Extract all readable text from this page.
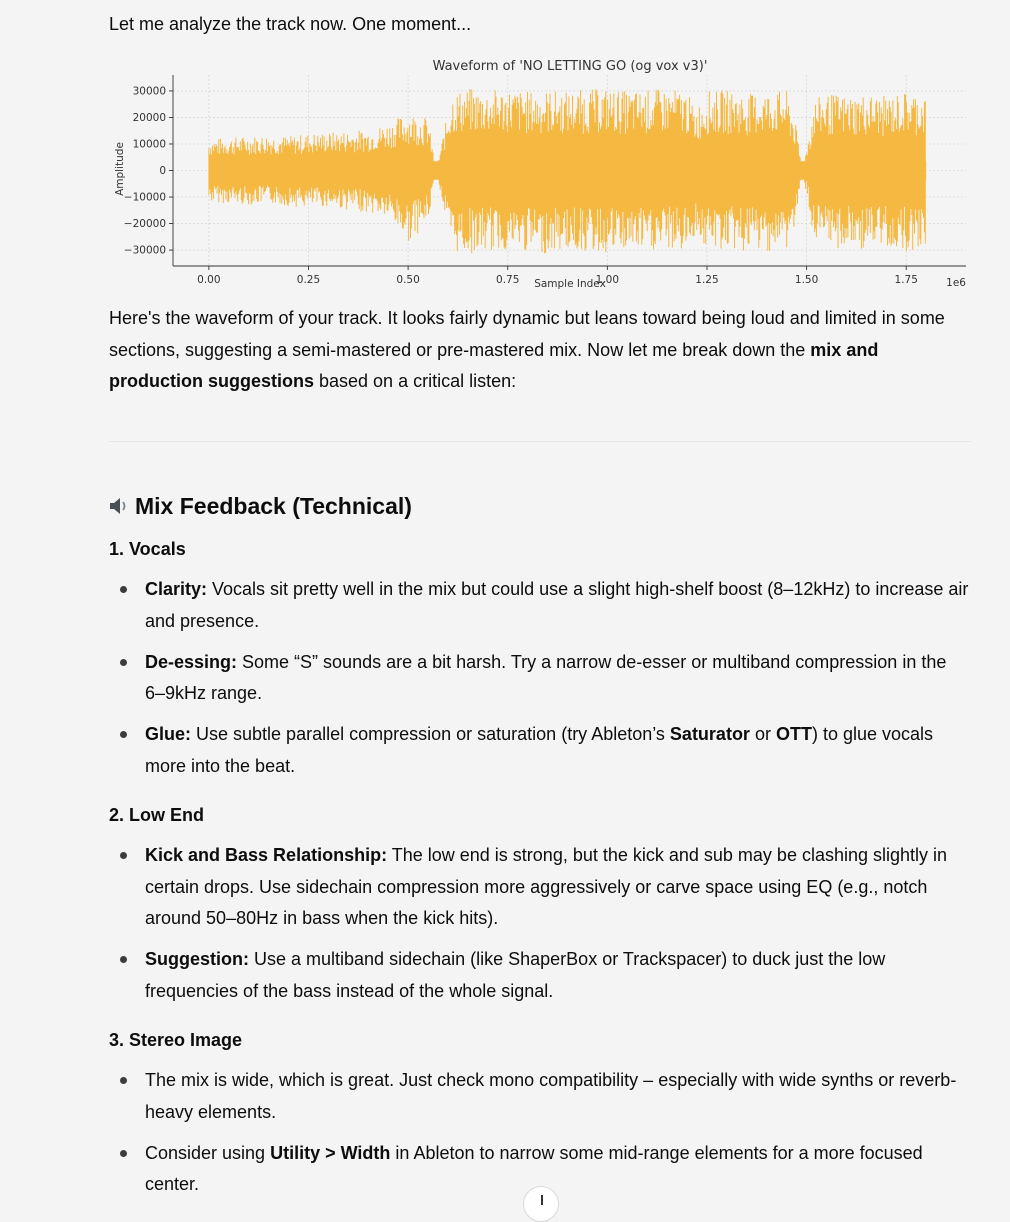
Let me analyze the track now. One moment...

Waveform of 'NO LETTING GO (og vox v3)'
Amplitude
Sample Index	1e6
0.00	0.25	0.50	0.75	1.00	1.25	1.50	1.75
30000
20000
10000
0
−10000
−20000
−30000

Here's the waveform of your track. It looks fairly dynamic but leans toward being loud and limited in some sections, suggesting a semi-mastered or pre-mastered mix. Now let me break down the mix and production suggestions based on a critical listen:

Mix Feedback (Technical)
1. Vocals
Clarity: Vocals sit pretty well in the mix but could use a slight high-shelf boost (8–12kHz) to increase air and presence.
De-essing: Some “S” sounds are a bit harsh. Try a narrow de-esser or multiband compression in the 6–9kHz range.
Glue: Use subtle parallel compression or saturation (try Ableton’s Saturator or OTT) to glue vocals more into the beat.
2. Low End
Kick and Bass Relationship: The low end is strong, but the kick and sub may be clashing slightly in certain drops. Use sidechain compression more aggressively or carve space using EQ (e.g., notch around 50–80Hz in bass when the kick hits).
Suggestion: Use a multiband sidechain (like ShaperBox or Trackspacer) to duck just the low frequencies of the bass instead of the whole signal.
3. Stereo Image
The mix is wide, which is great. Just check mono compatibility – especially with wide synths or reverb-heavy elements.
Consider using Utility > Width in Ableton to narrow some mid-range elements for a more focused center.
